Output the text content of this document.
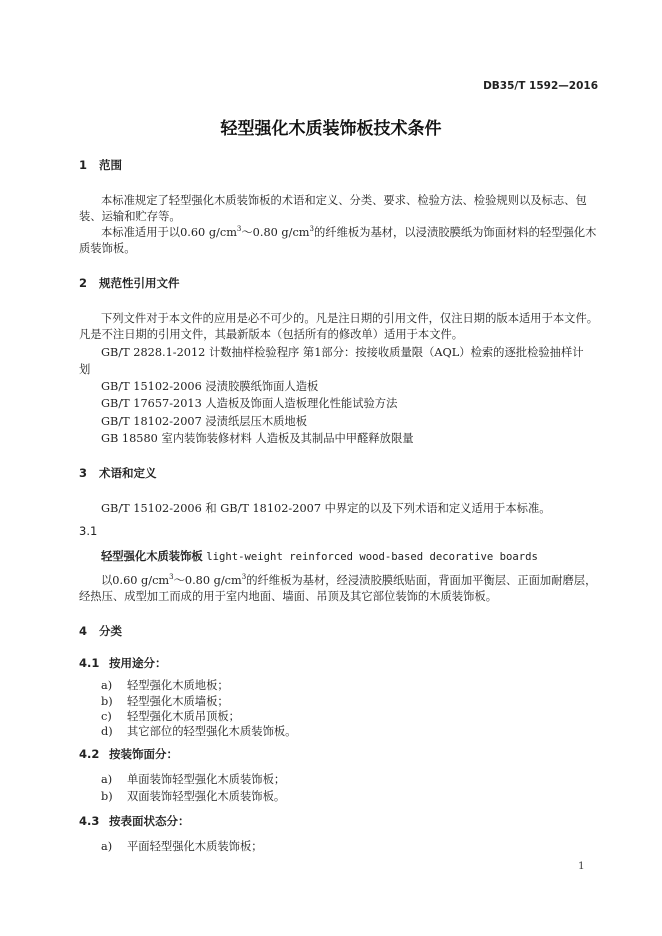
DB35/T 1592—2016
轻型强化木质装饰板技术条件
1 范围
本标准规定了轻型强化木质装饰板的术语和定义、分类、要求、检验方法、检验规则以及标志、包
装、运输和贮存等。
本标准适用于以0.60 $g/cm^3\sim 0.80$ $g/cm^3$的纤维板为基材，以浸渍胶膜纸为饰面材料的轻型强化木
质装饰板。
2 规范性引用文件
下列文件对于本文件的应用是必不可少的。凡是注日期的引用文件，仅注日期的版本适用于本文件。
凡是不注日期的引用文件，其最新版本（包括所有的修改单）适用于本文件。
GB/T 2828.1-2012 计数抽样检验程序 第1部分：按接收质量限（AQL）检索的逐批检验抽样计
划
GB/T 15102-2006 浸渍胶膜纸饰面人造板
GB/T 17657-2013 人造板及饰面人造板理化性能试验方法
GB/T 18102-2007 浸渍纸层压木质地板
GB 18580 室内装饰装修材料 人造板及其制品中甲醛释放限量
3 术语和定义
GB/T 15102-2006 和 GB/T 18102-2007 中界定的以及下列术语和定义适用于本标准。
3.1
轻型强化木质装饰板 light-weight reinforced wood-based decorative boards
以0.60 $g/cm^3\sim 0.80$ $g/cm^3$的纤维板为基材，经浸渍胶膜纸贴面，背面加平衡层、正面加耐磨层，
经热压、成型加工而成的用于室内地面、墙面、吊顶及其它部位装饰的木质装饰板。
4 分类
4.1 按用途分：
a) 轻型强化木质地板；
b) 轻型强化木质墙板；
c) 轻型强化木质吊顶板；
d) 其它部位的轻型强化木质装饰板。
4.2 按装饰面分：
a) 单面装饰轻型强化木质装饰板；
b) 双面装饰轻型强化木质装饰板。
4.3 按表面状态分：
a) 平面轻型强化木质装饰板；
1
